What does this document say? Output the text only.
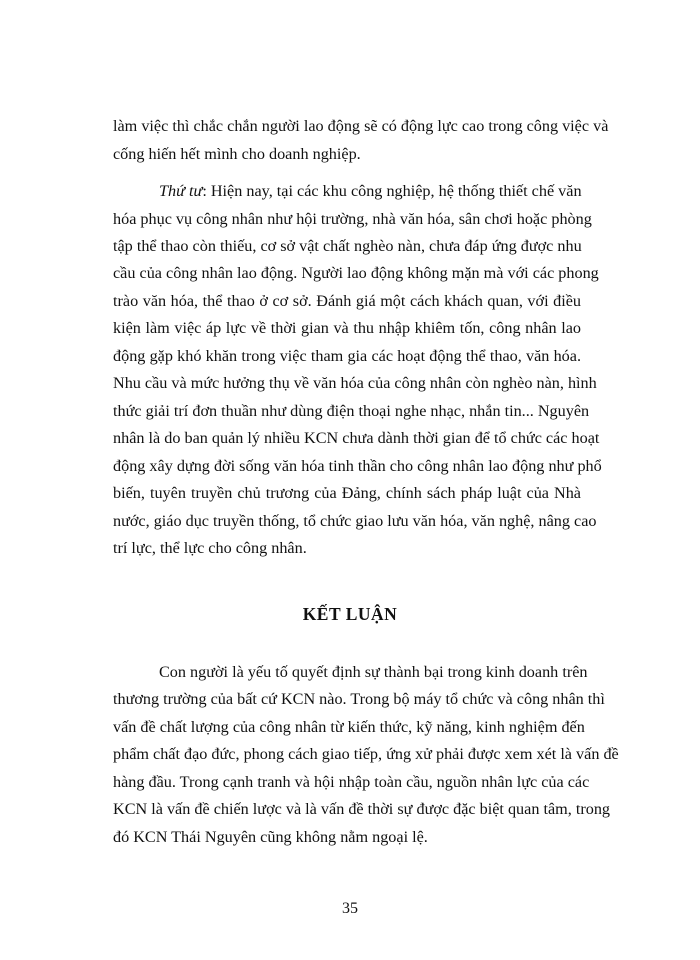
làm việc thì chắc chắn người lao động sẽ có động lực cao trong công việc và
cống hiến hết mình cho doanh nghiệp.
Thứ tư: Hiện nay, tại các khu công nghiệp, hệ thống thiết chế văn
hóa phục vụ công nhân như hội trường, nhà văn hóa, sân chơi hoặc phòng
tập thể thao còn thiếu, cơ sở vật chất nghèo nàn, chưa đáp ứng được nhu
cầu của công nhân lao động. Người lao động không mặn mà với các phong
trào văn hóa, thể thao ở cơ sở. Đánh giá một cách khách quan, với điều
kiện làm việc áp lực về thời gian và thu nhập khiêm tốn, công nhân lao
động gặp khó khăn trong việc tham gia các hoạt động thể thao, văn hóa.
Nhu cầu và mức hưởng thụ về văn hóa của công nhân còn nghèo nàn, hình
thức giải trí đơn thuần như dùng điện thoại nghe nhạc, nhắn tin... Nguyên
nhân là do ban quản lý nhiều KCN chưa dành thời gian để tổ chức các hoạt
động xây dựng đời sống văn hóa tinh thần cho công nhân lao động như phổ
biến, tuyên truyền chủ trương của Đảng, chính sách pháp luật của Nhà
nước, giáo dục truyền thống, tổ chức giao lưu văn hóa, văn nghệ, nâng cao
trí lực, thể lực cho công nhân.
KẾT LUẬN
Con người là yếu tố quyết định sự thành bại trong kinh doanh trên
thương trường của bất cứ KCN nào. Trong bộ máy tổ chức và công nhân thì
vấn đề chất lượng của công nhân từ kiến thức, kỹ năng, kinh nghiệm đến
phẩm chất đạo đức, phong cách giao tiếp, ứng xử phải được xem xét là vấn đề
hàng đầu. Trong cạnh tranh và hội nhập toàn cầu, nguồn nhân lực của các
KCN là vấn đề chiến lược và là vấn đề thời sự được đặc biệt quan tâm, trong
đó KCN Thái Nguyên cũng không nằm ngoại lệ.
35
